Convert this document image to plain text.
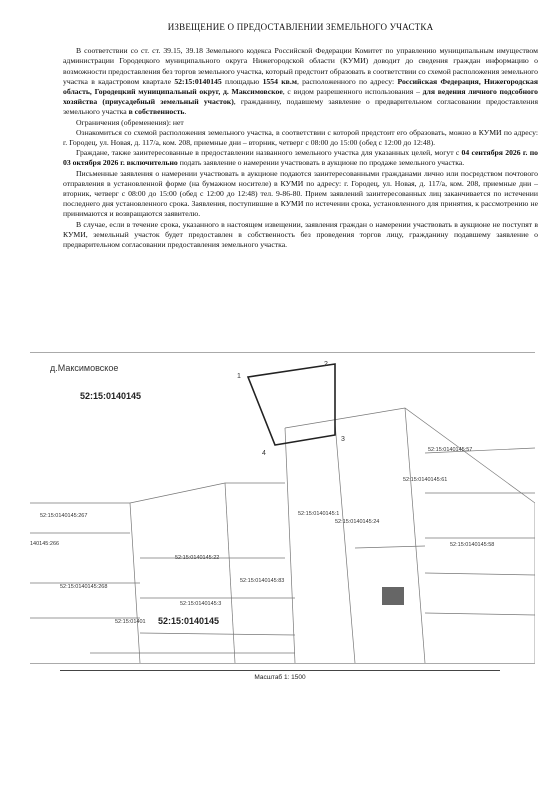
ИЗВЕЩЕНИЕ О ПРЕДОСТАВЛЕНИИ ЗЕМЕЛЬНОГО УЧАСТКА

В соответствии со ст. ст. 39.15, 39.18 Земельного кодекса Российской Федерации Комитет по управлению муниципальным имуществом администрации Городецкого муниципального округа Нижегородской области (КУМИ) доводит до сведения граждан информацию о возможности предоставления без торгов земельного участка, который предстоит образовать в соответствии со схемой расположения земельного участка в кадастровом квартале 52:15:0140145 площадью 1554 кв.м, расположенного по адресу: Российская Федерация, Нижегородская область, Городецкий муниципальный округ, д. Максимовское, с видом разрешенного использования – для ведения личного подсобного хозяйства (приусадебный земельный участок), гражданину, подавшему заявление о предварительном согласовании предоставления земельного участка в собственность.

Ограничения (обременения): нет

Ознакомиться со схемой расположения земельного участка, в соответствии с которой предстоит его образовать, можно в КУМИ по адресу: г. Городец, ул. Новая, д. 117/а, ком. 208, приемные дни – вторник, четверг с 08:00 до 15:00 (обед с 12:00 до 12:48).

Граждане, также заинтересованные в предоставлении названного земельного участка для указанных целей, могут с 04 сентября 2026 г. по 03 октября 2026 г. включительно подать заявление о намерении участвовать в аукционе по продаже земельного участка.

Письменные заявления о намерении участвовать в аукционе подаются заинтересованными гражданами лично или посредством почтового отправления в установленной форме (на бумажном носителе) в КУМИ по адресу: г. Городец, ул. Новая, д. 117/а, ком. 208, приемные дни – вторник, четверг с 08:00 до 15:00 (обед с 12:00 до 12:48) тел. 9-86-80. Прием заявлений заинтересованных лиц заканчивается по истечении последнего дня установленного срока. Заявления, поступившие в КУМИ по истечении срока, установленного для принятия, к рассмотрению не принимаются и возвращаются заявителю.

В случае, если в течение срока, указанного в настоящем извещении, заявления граждан о намерении участвовать в аукционе не поступят в КУМИ, земельный участок будет предоставлен в собственность без проведения торгов лицу, гражданину подавшему заявление о предварительном согласовании предоставления земельного участка.

д.Максимовское
52:15:0140145
1
2
3
4	52:15:0140145:57
52:15:0140145:61
52:15:0140145:1
52:15:0140145:24
52:15:0140145:58
52:15:0140145:267
140145:266
52:15:0140145:22
52:15:0140145:268
52:15:0140145:83
52:15:0140145:3
52:15:01401 52:15:0140145
Масштаб 1: 1500
